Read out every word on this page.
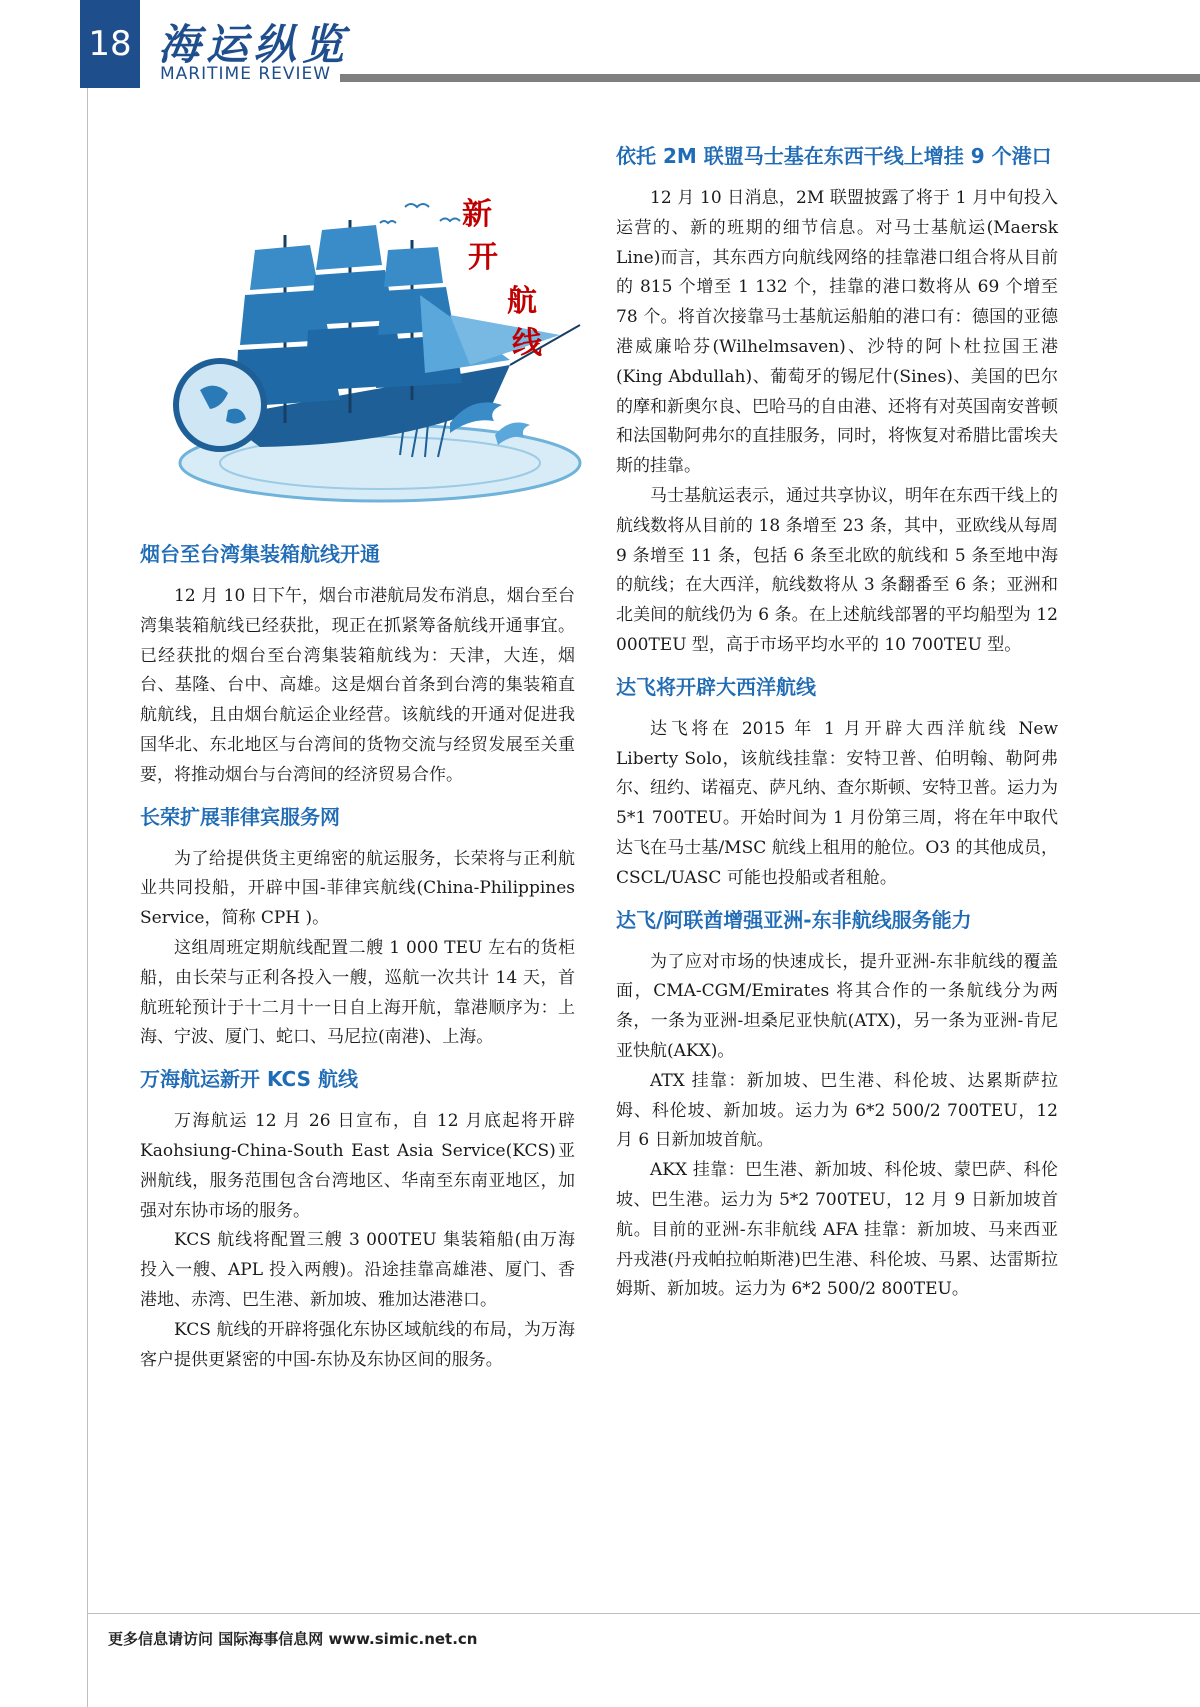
18 海运纵览
MARITIME REVIEW
新
开
航
线
烟台至台湾集装箱航线开通

12 月 10 日下午，烟台市港航局发布消息，烟台至台湾集装箱航线已经获批，现正在抓紧筹备航线开通事宜。已经获批的烟台至台湾集装箱航线为：天津，大连，烟台、基隆、台中、高雄。这是烟台首条到台湾的集装箱直航航线，且由烟台航运企业经营。该航线的开通对促进我国华北、东北地区与台湾间的货物交流与经贸发展至关重要，将推动烟台与台湾间的经济贸易合作。

长荣扩展菲律宾服务网

为了给提供货主更绵密的航运服务，长荣将与正利航业共同投船，开辟中国-菲律宾航线(China-Philippines Service，简称 CPH )。

这组周班定期航线配置二艘 1 000 TEU 左右的货柜船，由长荣与正利各投入一艘，巡航一次共计 14 天，首航班轮预计于十二月十一日自上海开航，靠港顺序为：上海、宁波、厦门、蛇口、马尼拉(南港)、上海。

万海航运新开 KCS 航线

万海航运 12 月 26 日宣布，自 12 月底起将开辟 Kaohsiung-China-South East Asia Service(KCS)亚洲航线，服务范围包含台湾地区、华南至东南亚地区，加强对东协市场的服务。

KCS 航线将配置三艘 3 000TEU 集装箱船(由万海投入一艘、APL 投入两艘)。沿途挂靠高雄港、厦门、香港地、赤湾、巴生港、新加坡、雅加达港港口。

KCS 航线的开辟将强化东协区域航线的布局，为万海客户提供更紧密的中国-东协及东协区间的服务。

依托 2M 联盟马士基在东西干线上增挂 9 个港口

12 月 10 日消息，2M 联盟披露了将于 1 月中旬投入运营的、新的班期的细节信息。对马士基航运(Maersk Line)而言，其东西方向航线网络的挂靠港口组合将从目前的 815 个增至 1 132 个，挂靠的港口数将从 69 个增至 78 个。将首次接靠马士基航运船舶的港口有：德国的亚德港威廉哈芬(Wilhelmsaven)、沙特的阿卜杜拉国王港(King Abdullah)、葡萄牙的锡尼什(Sines)、美国的巴尔的摩和新奥尔良、巴哈马的自由港、还将有对英国南安普顿和法国勒阿弗尔的直挂服务，同时，将恢复对希腊比雷埃夫斯的挂靠。

马士基航运表示，通过共享协议，明年在东西干线上的航线数将从目前的 18 条增至 23 条，其中，亚欧线从每周 9 条增至 11 条，包括 6 条至北欧的航线和 5 条至地中海的航线；在大西洋，航线数将从 3 条翻番至 6 条；亚洲和北美间的航线仍为 6 条。在上述航线部署的平均船型为 12 000TEU 型，高于市场平均水平的 10 700TEU 型。

达飞将开辟大西洋航线

达飞将在 2015 年 1 月开辟大西洋航线 New Liberty Solo，该航线挂靠：安特卫普、伯明翰、勒阿弗尔、纽约、诺福克、萨凡纳、查尔斯顿、安特卫普。运力为 5*1 700TEU。开始时间为 1 月份第三周，将在年中取代达飞在马士基/MSC 航线上租用的舱位。O3 的其他成员，CSCL/UASC 可能也投船或者租舱。

达飞/阿联酋增强亚洲-东非航线服务能力

为了应对市场的快速成长，提升亚洲-东非航线的覆盖面，CMA-CGM/Emirates 将其合作的一条航线分为两条，一条为亚洲-坦桑尼亚快航(ATX)，另一条为亚洲-肯尼亚快航(AKX)。

ATX 挂靠：新加坡、巴生港、科伦坡、达累斯萨拉姆、科伦坡、新加坡。运力为 6*2 500/2 700TEU，12 月 6 日新加坡首航。

AKX 挂靠：巴生港、新加坡、科伦坡、蒙巴萨、科伦坡、巴生港。运力为 5*2 700TEU，12 月 9 日新加坡首航。目前的亚洲-东非航线 AFA 挂靠：新加坡、马来西亚丹戎港(丹戎帕拉帕斯港)巴生港、科伦坡、马累、达雷斯拉姆斯、新加坡。运力为 6*2 500/2 800TEU。

更多信息请访问 国际海事信息网 www.simic.net.cn
